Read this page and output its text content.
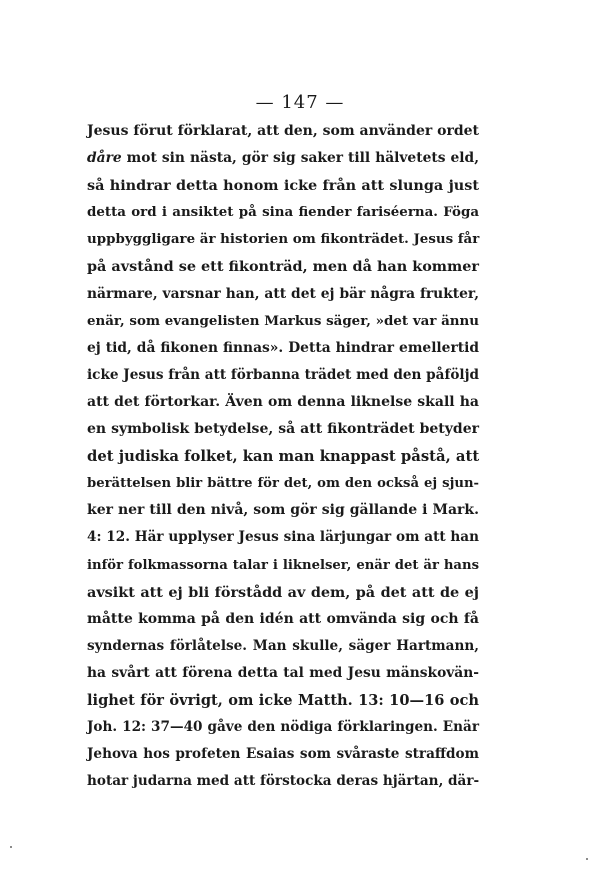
— 147 —
Jesus förut förklarat, att den, som använder ordet
dåre mot sin nästa, gör sig saker till hälvetets eld,
så hindrar detta honom icke från att slunga just
detta ord i ansiktet på sina fiender fariséerna. Föga
uppbyggligare är historien om fikonträdet. Jesus får
på avstånd se ett fikonträd, men då han kommer
närmare, varsnar han, att det ej bär några frukter,
enär, som evangelisten Markus säger, »det var ännu
ej tid, då fikonen finnas». Detta hindrar emellertid
icke Jesus från att förbanna trädet med den påföljd
att det förtorkar. Även om denna liknelse skall ha
en symbolisk betydelse, så att fikonträdet betyder
det judiska folket, kan man knappast påstå, att
berättelsen blir bättre för det, om den också ej sjun-
ker ner till den nivå, som gör sig gällande i Mark.
4: 12. Här upplyser Jesus sina lärjungar om att han
inför folkmassorna talar i liknelser, enär det är hans
avsikt att ej bli förstådd av dem, på det att de ej
måtte komma på den idén att omvända sig och få
syndernas förlåtelse. Man skulle, säger Hartmann,
ha svårt att förena detta tal med Jesu mänskovän-
lighet för övrigt, om icke Matth. 13: 10—16 och
Joh. 12: 37—40 gåve den nödiga förklaringen. Enär
Jehova hos profeten Esaias som svåraste straffdom
hotar judarna med att förstocka deras hjärtan, där-
